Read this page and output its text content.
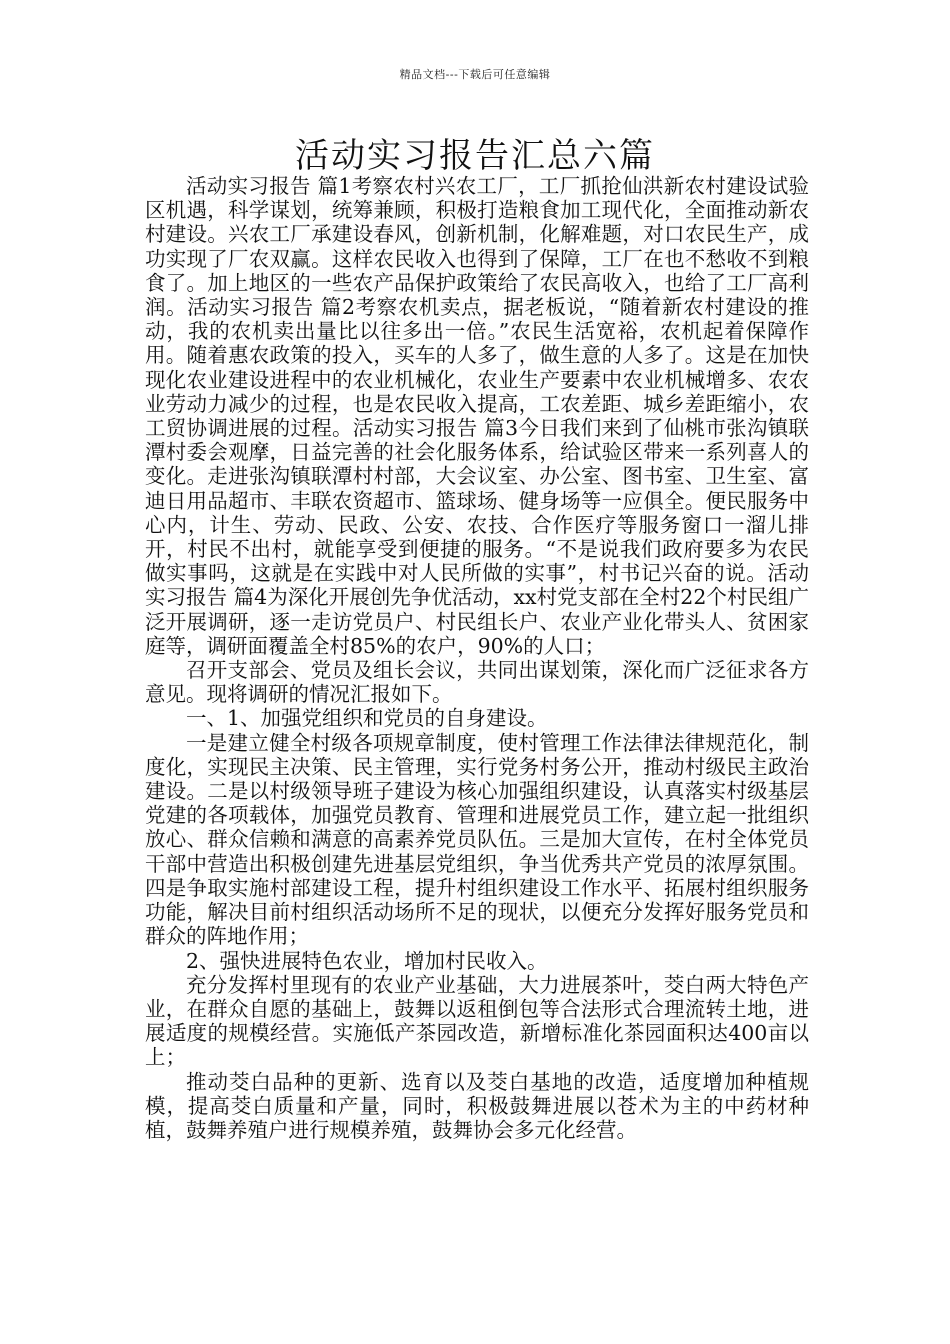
精品文档---下载后可任意编辑
活动实习报告汇总六篇

活动实习报告 篇1考察农村兴农工厂，工厂抓抢仙洪新农村建设试验区机遇，科学谋划，统筹兼顾，积极打造粮食加工现代化，全面推动新农村建设。兴农工厂承建设春风，创新机制，化解难题，对口农民生产，成功实现了厂农双赢。这样农民收入也得到了保障，工厂在也不愁收不到粮食了。加上地区的一些农产品保护政策给了农民高收入，也给了工厂高利润。活动实习报告 篇2考察农机卖点，据老板说，“随着新农村建设的推动，我的农机卖出量比以往多出一倍。”农民生活宽裕，农机起着保障作用。随着惠农政策的投入，买车的人多了，做生意的人多了。这是在加快现化农业建设进程中的农业机械化，农业生产要素中农业机械增多、农农业劳动力减少的过程，也是农民收入提高，工农差距、城乡差距缩小，农工贸协调进展的过程。活动实习报告 篇3今日我们来到了仙桃市张沟镇联潭村委会观摩，日益完善的社会化服务体系，给试验区带来一系列喜人的变化。走进张沟镇联潭村村部，大会议室、办公室、图书室、卫生室、富迪日用品超市、丰联农资超市、篮球场、健身场等一应俱全。便民服务中心内，计生、劳动、民政、公安、农技、合作医疗等服务窗口一溜儿排开，村民不出村，就能享受到便捷的服务。“不是说我们政府要多为农民做实事吗，这就是在实践中对人民所做的实事”，村书记兴奋的说。活动实习报告 篇4为深化开展创先争优活动，xx村党支部在全村22个村民组广泛开展调研，逐一走访党员户、村民组长户、农业产业化带头人、贫困家庭等，调研面覆盖全村85%的农户，90%的人口；

召开支部会、党员及组长会议，共同出谋划策，深化而广泛征求各方意见。现将调研的情况汇报如下。

一、1、加强党组织和党员的自身建设。

一是建立健全村级各项规章制度，使村管理工作法律法律规范化，制度化，实现民主决策、民主管理，实行党务村务公开，推动村级民主政治建设。二是以村级领导班子建设为核心加强组织建设，认真落实村级基层党建的各项载体，加强党员教育、管理和进展党员工作，建立起一批组织放心、群众信赖和满意的高素养党员队伍。三是加大宣传，在村全体党员干部中营造出积极创建先进基层党组织，争当优秀共产党员的浓厚氛围。四是争取实施村部建设工程，提升村组织建设工作水平、拓展村组织服务功能，解决目前村组织活动场所不足的现状，以便充分发挥好服务党员和群众的阵地作用；

2、强快进展特色农业，增加村民收入。

充分发挥村里现有的农业产业基础，大力进展茶叶，茭白两大特色产业，在群众自愿的基础上，鼓舞以返租倒包等合法形式合理流转土地，进展适度的规模经营。实施低产茶园改造，新增标准化茶园面积达400亩以上；

推动茭白品种的更新、选育以及茭白基地的改造，适度增加种植规模，提高茭白质量和产量，同时，积极鼓舞进展以苍术为主的中药材种植，鼓舞养殖户进行规模养殖，鼓舞协会多元化经营。
